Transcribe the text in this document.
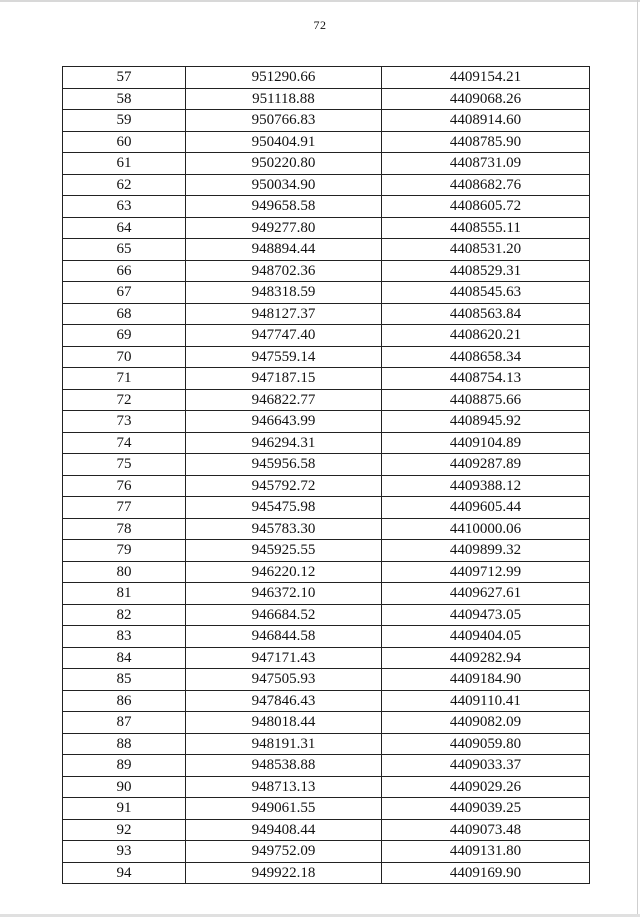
72
57	951290.66	4409154.21
58	951118.88	4409068.26
59	950766.83	4408914.60
60	950404.91	4408785.90
61	950220.80	4408731.09
62	950034.90	4408682.76
63	949658.58	4408605.72
64	949277.80	4408555.11
65	948894.44	4408531.20
66	948702.36	4408529.31
67	948318.59	4408545.63
68	948127.37	4408563.84
69	947747.40	4408620.21
70	947559.14	4408658.34
71	947187.15	4408754.13
72	946822.77	4408875.66
73	946643.99	4408945.92
74	946294.31	4409104.89
75	945956.58	4409287.89
76	945792.72	4409388.12
77	945475.98	4409605.44
78	945783.30	4410000.06
79	945925.55	4409899.32
80	946220.12	4409712.99
81	946372.10	4409627.61
82	946684.52	4409473.05
83	946844.58	4409404.05
84	947171.43	4409282.94
85	947505.93	4409184.90
86	947846.43	4409110.41
87	948018.44	4409082.09
88	948191.31	4409059.80
89	948538.88	4409033.37
90	948713.13	4409029.26
91	949061.55	4409039.25
92	949408.44	4409073.48
93	949752.09	4409131.80
94	949922.18	4409169.90
